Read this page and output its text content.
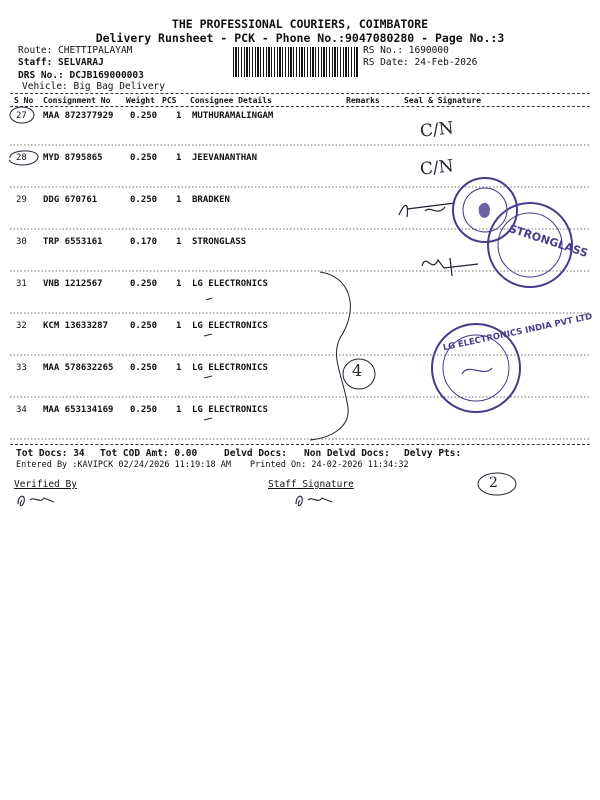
THE PROFESSIONAL COURIERS, COIMBATORE
Delivery Runsheet - PCK - Phone No.:9047080280 - Page No.:3
Route: CHETTIPALAYAM
Staff: SELVARAJ
DRS No.: DCJB169000003
Vehicle: Big Bag Delivery
RS No.: 1690000
RS Date: 24-Feb-2026
S No Consignment No Weight PCS Consignee Details	Remarks	Seal & Signature
27 MAA 872377929 0.250 1 MUTHURAMALINGAM
28 MYD 8795865	0.250 1 JEEVANANTHAN
29 DDG 670761	0.250 1 BRADKEN
30 TRP 6553161	0.170 1 STRONGLASS
31 VNB 1212567	0.250 1 LG ELECTRONICS
32 KCM 13633287 0.250 1 LG ELECTRONICS
33 MAA 578632265 0.250 1 LG ELECTRONICS
34 MAA 653134169 0.250 1 LG ELECTRONICS
C/N
C/N
4
STRONGLASS
LG ELECTRONICS INDIA PVT LTD
Tot Docs: 34 Tot COD Amt: 0.00	Delvd Docs: Non Delvd Docs: Delvy Pts:
Entered By :KAVIPCK 02/24/2026 11:19:18 AM Printed On: 24-02-2026 11:34:32
Verified By	Staff Signature	2
